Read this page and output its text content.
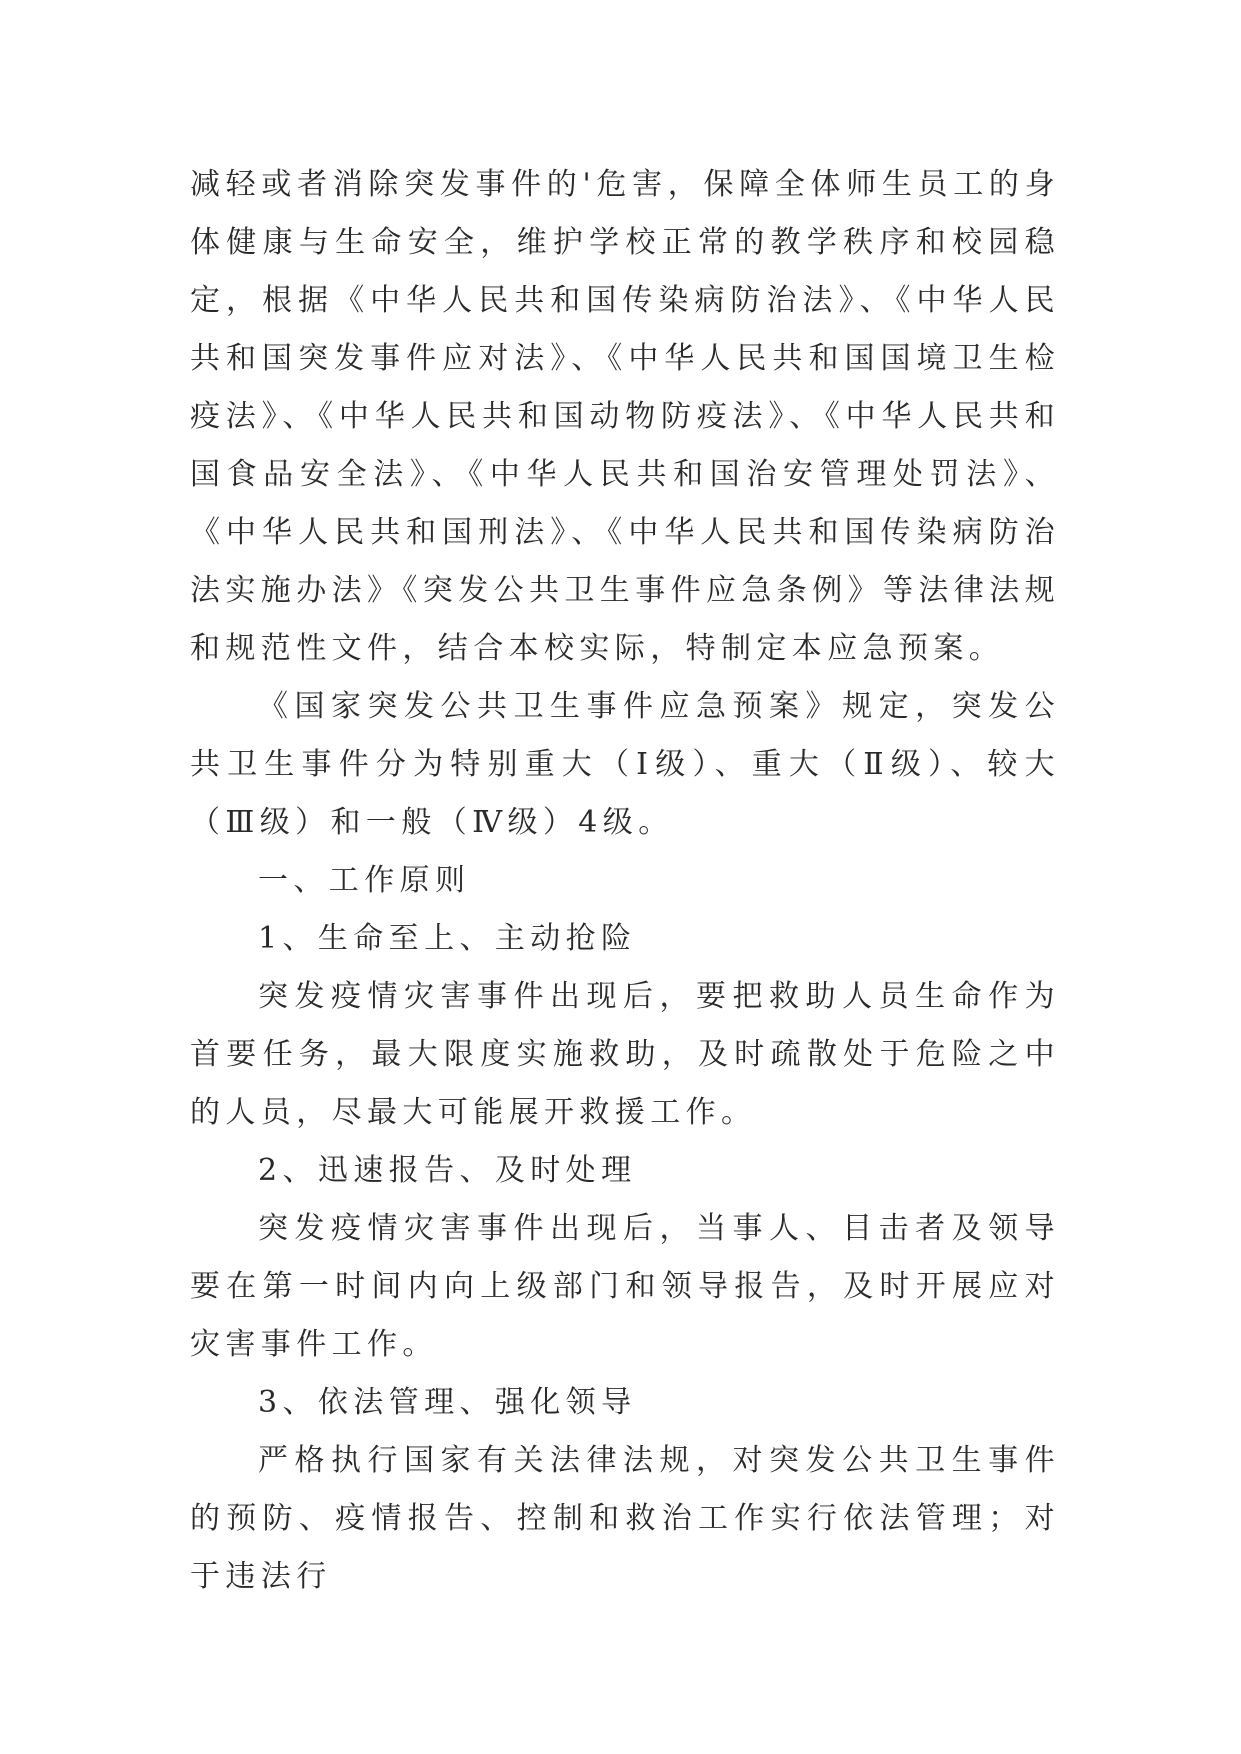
减轻或者消除突发事件的'危害，保障全体师生员工的身体健康与生命安全，维护学校正常的教学秩序和校园稳定，根据《中华人民共和国传染病防治法》、《中华人民共和国突发事件应对法》、《中华人民共和国国境卫生检疫法》、《中华人民共和国动物防疫法》、《中华人民共和国食品安全法》、《中华人民共和国治安管理处罚法》、《中华人民共和国刑法》、《中华人民共和国传染病防治法实施办法》《突发公共卫生事件应急条例》等法律法规和规范性文件，结合本校实际，特制定本应急预案。

《国家突发公共卫生事件应急预案》规定，突发公共卫生事件分为特别重大（Ⅰ级）、重大（Ⅱ级）、较大（Ⅲ级）和一般（Ⅳ级）4级。

一、工作原则

1、生命至上、主动抢险

突发疫情灾害事件出现后，要把救助人员生命作为首要任务，最大限度实施救助，及时疏散处于危险之中的人员，尽最大可能展开救援工作。

2、迅速报告、及时处理

突发疫情灾害事件出现后，当事人、目击者及领导要在第一时间内向上级部门和领导报告，及时开展应对灾害事件工作。

3、依法管理、强化领导

严格执行国家有关法律法规，对突发公共卫生事件的预防、疫情报告、控制和救治工作实行依法管理；对于违法行
